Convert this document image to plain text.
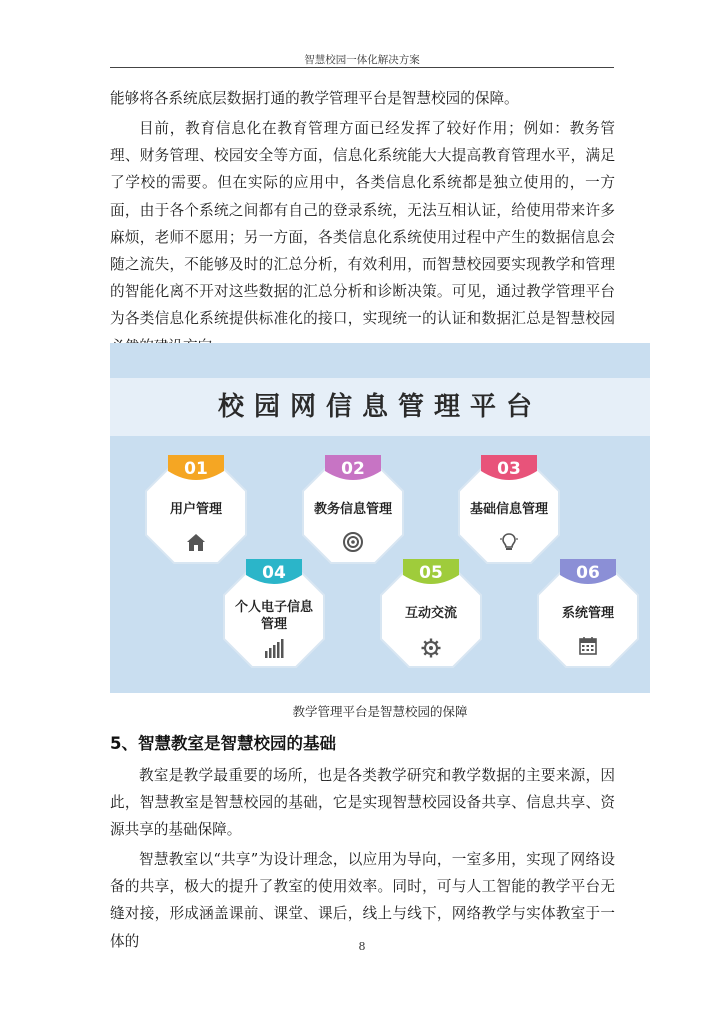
智慧校园一体化解决方案

能够将各系统底层数据打通的教学管理平台是智慧校园的保障。

目前，教育信息化在教育管理方面已经发挥了较好作用；例如：教务管理、财务管理、校园安全等方面，信息化系统能大大提高教育管理水平，满足了学校的需要。但在实际的应用中，各类信息化系统都是独立使用的，一方面，由于各个系统之间都有自己的登录系统，无法互相认证，给使用带来许多麻烦，老师不愿用；另一方面，各类信息化系统使用过程中产生的数据信息会随之流失，不能够及时的汇总分析，有效利用，而智慧校园要实现教学和管理的智能化离不开对这些数据的汇总分析和诊断决策。可见，通过教学管理平台为各类信息化系统提供标准化的接口，实现统一的认证和数据汇总是智慧校园

校园网信息管理平台
01
用户管理
02
教务信息管理
03
基础信息管理
04
个人电子信息管理
05
互动交流
06
系统管理
教学管理平台是智慧校园的保障
5、智慧教室是智慧校园的基础

教室是教学最重要的场所，也是各类教学研究和教学数据的主要来源，因此，智慧教室是智慧校园的基础，它是实现智慧校园设备共享、信息共享、资源共享的基础保障。

智慧教室以“共享”为设计理念，以应用为导向，一室多用，实现了网络设备的共享，极大的提升了教室的使用效率。同时，可与人工智能的教学平台无缝对接，形成涵盖课前、课堂、课后，线上与线下，网络教学与实体教室于一体的	8
